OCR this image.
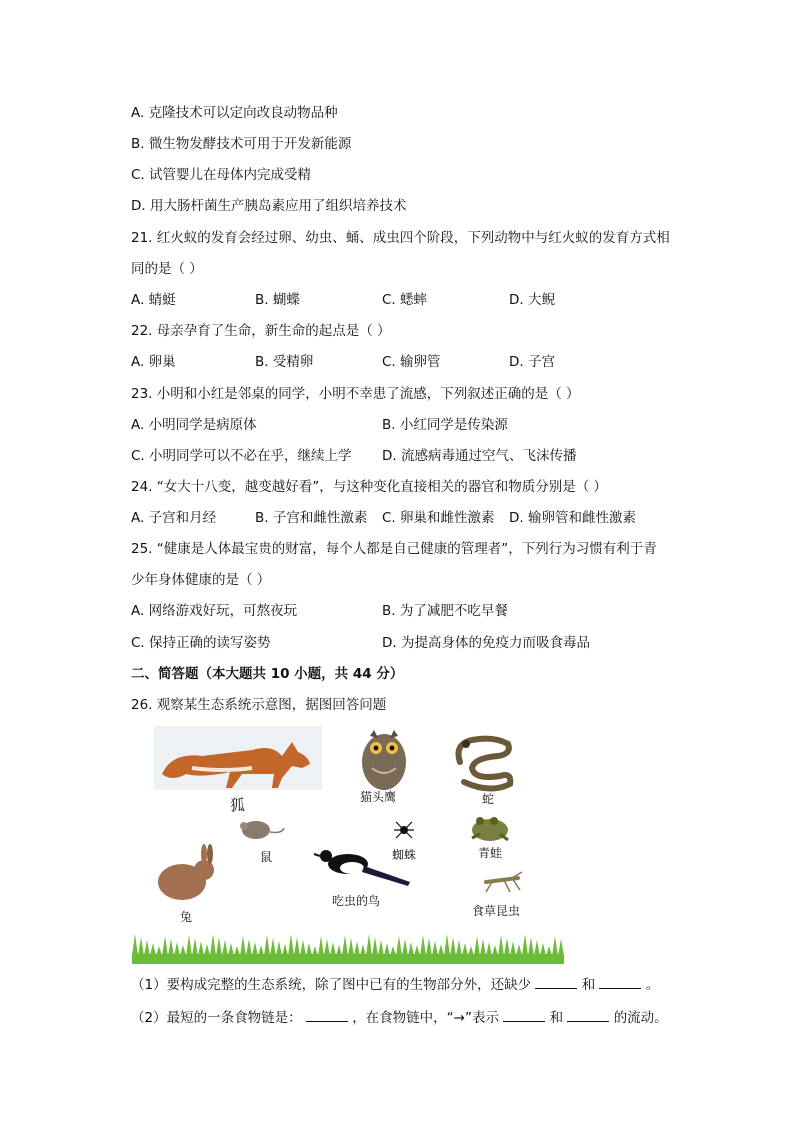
A. 克隆技术可以定向改良动物品种
B. 微生物发酵技术可用于开发新能源
C. 试管婴儿在母体内完成受精
D. 用大肠杆菌生产胰岛素应用了组织培养技术
21. 红火蚁的发育会经过卵、幼虫、蛹、成虫四个阶段，下列动物中与红火蚁的发育方式相
同的是（ ）
A. 蜻蜓	B. 蝴蝶	C. 蟋蟀	D. 大鲵
22. 母亲孕育了生命，新生命的起点是（ ）
A. 卵巢	B. 受精卵	C. 输卵管	D. 子宫
23. 小明和小红是邻桌的同学，小明不幸患了流感，下列叙述正确的是（ ）
A. 小明同学是病原体	B. 小红同学是传染源
C. 小明同学可以不必在乎，继续上学 D. 流感病毒通过空气、飞沫传播
24. “女大十八变，越变越好看”，与这种变化直接相关的器官和物质分别是（ ）
A. 子宫和月经	B. 子宫和雌性激素 C. 卵巢和雌性激素 D. 输卵管和雌性激素
25. “健康是人体最宝贵的财富，每个人都是自己健康的管理者”，下列行为习惯有利于青
少年身体健康的是（ ）
A. 网络游戏好玩，可熬夜玩	B. 为了减肥不吃早餐
C. 保持正确的读写姿势	D. 为提高身体的免疫力而吸食毒品
二、简答题（本大题共 10 小题，共 44 分）
26. 观察某生态系统示意图，据图回答问题
狐	猫头鹰	蛇
鼠	蜘蛛	青蛙
兔
吃虫的鸟
食草昆虫
（1）要构成完整的生态系统，除了图中已有的生物部分外，还缺少	和	。
（2）最短的一条食物链是：	，在食物链中，“→”表示	和	的流动。
